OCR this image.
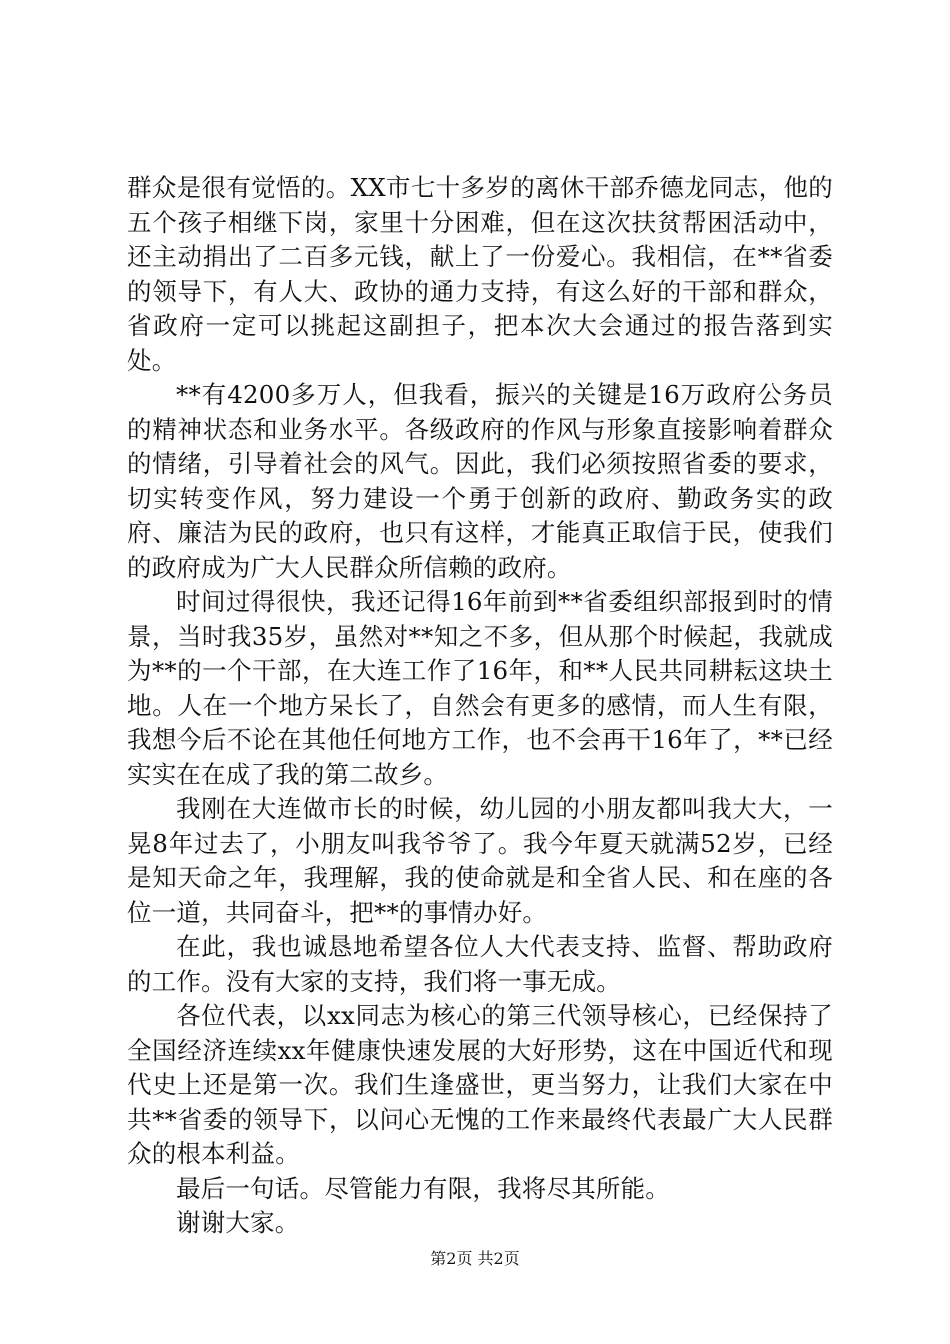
群众是很有觉悟的。XX市七十多岁的离休干部乔德龙同志，他的五个孩子相继下岗，家里十分困难，但在这次扶贫帮困活动中，还主动捐出了二百多元钱，献上了一份爱心。我相信，在**省委的领导下，有人大、政协的通力支持，有这么好的干部和群众，省政府一定可以挑起这副担子，把本次大会通过的报告落到实处。

**有4200多万人，但我看，振兴的关键是16万政府公务员的精神状态和业务水平。各级政府的作风与形象直接影响着群众的情绪，引导着社会的风气。因此，我们必须按照省委的要求，切实转变作风，努力建设一个勇于创新的政府、勤政务实的政府、廉洁为民的政府，也只有这样，才能真正取信于民，使我们的政府成为广大人民群众所信赖的政府。

时间过得很快，我还记得16年前到**省委组织部报到时的情景，当时我35岁，虽然对**知之不多，但从那个时候起，我就成为**的一个干部，在大连工作了16年，和**人民共同耕耘这块土地。人在一个地方呆长了，自然会有更多的感情，而人生有限，我想今后不论在其他任何地方工作，也不会再干16年了，**已经实实在在成了我的第二故乡。

我刚在大连做市长的时候，幼儿园的小朋友都叫我大大，一晃8年过去了，小朋友叫我爷爷了。我今年夏天就满52岁，已经是知天命之年，我理解，我的使命就是和全省人民、和在座的各位一道，共同奋斗，把**的事情办好。

在此，我也诚恳地希望各位人大代表支持、监督、帮助政府的工作。没有大家的支持，我们将一事无成。

各位代表，以xx同志为核心的第三代领导核心，已经保持了全国经济连续xx年健康快速发展的大好形势，这在中国近代和现代史上还是第一次。我们生逢盛世，更当努力，让我们大家在中共**省委的领导下，以问心无愧的工作来最终代表最广大人民群众的根本利益。

最后一句话。尽管能力有限，我将尽其所能。

谢谢大家。

第2页 共2页
